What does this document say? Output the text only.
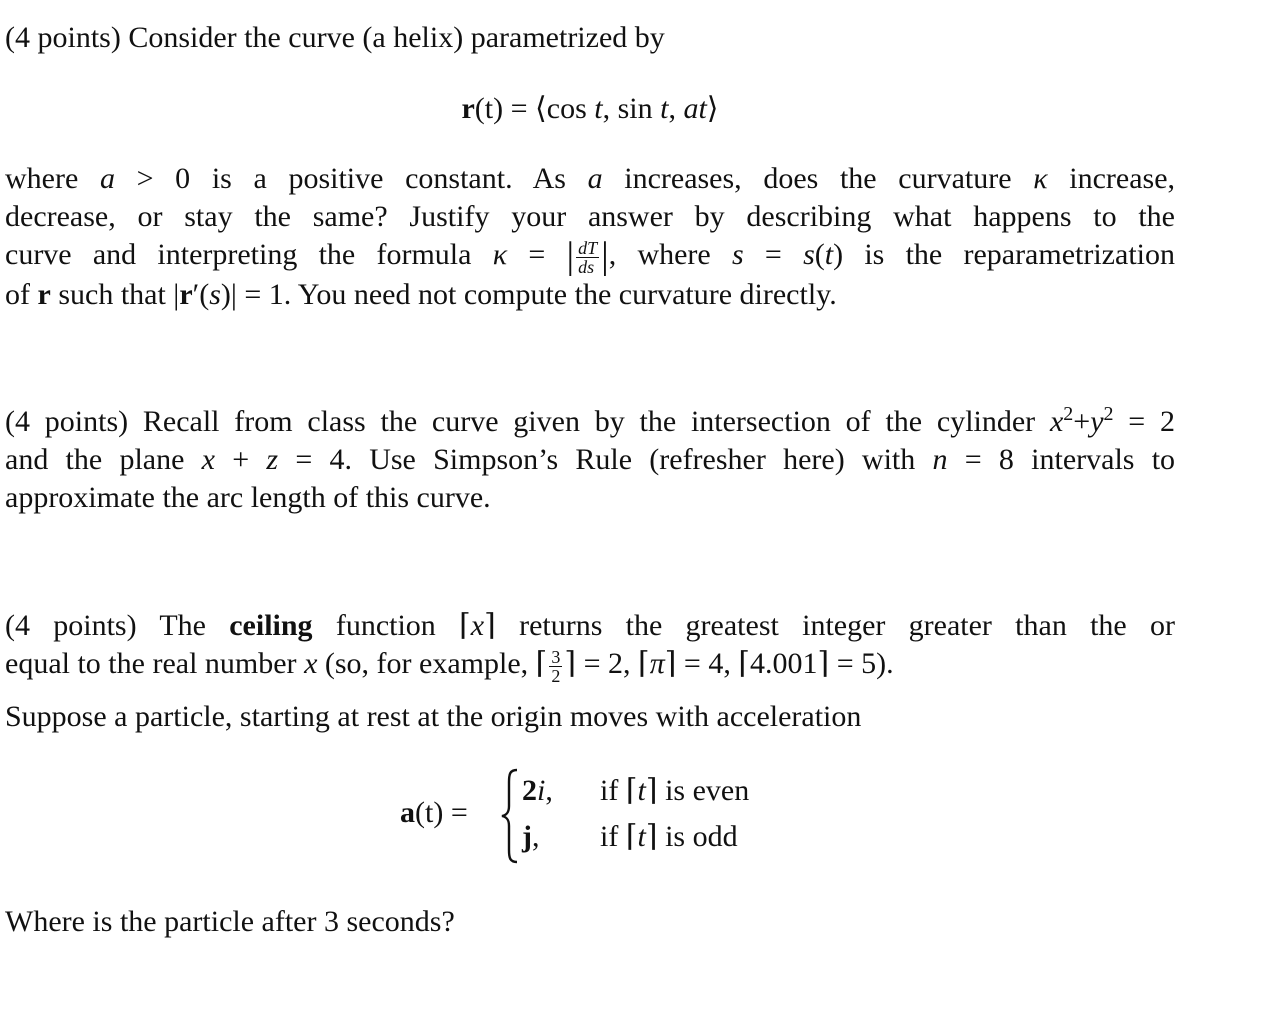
(4 points) Consider the curve (a helix) parametrized by
r(t) = ⟨cos t, sin t, at⟩
where a > 0 is a positive constant. As a increases, does the curvature κ increase,
decrease, or stay the same? Justify your answer by describing what happens to the
curve and interpreting the formula κ = | $\frac{dT}{ds}$ |, where s = s(t) is the reparametrization
of r such that |r′(s)| = 1. You need not compute the curvature directly.
(4 points) Recall from class the curve given by the intersection of the cylinder $x^2+y^2 = 2$
and the plane x + z = 4. Use Simpson’s Rule (refresher here) with n = 8 intervals to
approximate the arc length of this curve.
(4 points) The ceiling function ⌈x⌉ returns the greatest integer greater than the or
equal to the real number x (so, for example, ⌈ $\frac{3}{2}$ ⌉ = 2, ⌈π⌉ = 4, ⌈4.001⌉ = 5).
Suppose a particle, starting at rest at the origin moves with acceleration
a(t) =
2i,
j,
if ⌈t⌉ is even
if ⌈t⌉ is odd
Where is the particle after 3 seconds?
